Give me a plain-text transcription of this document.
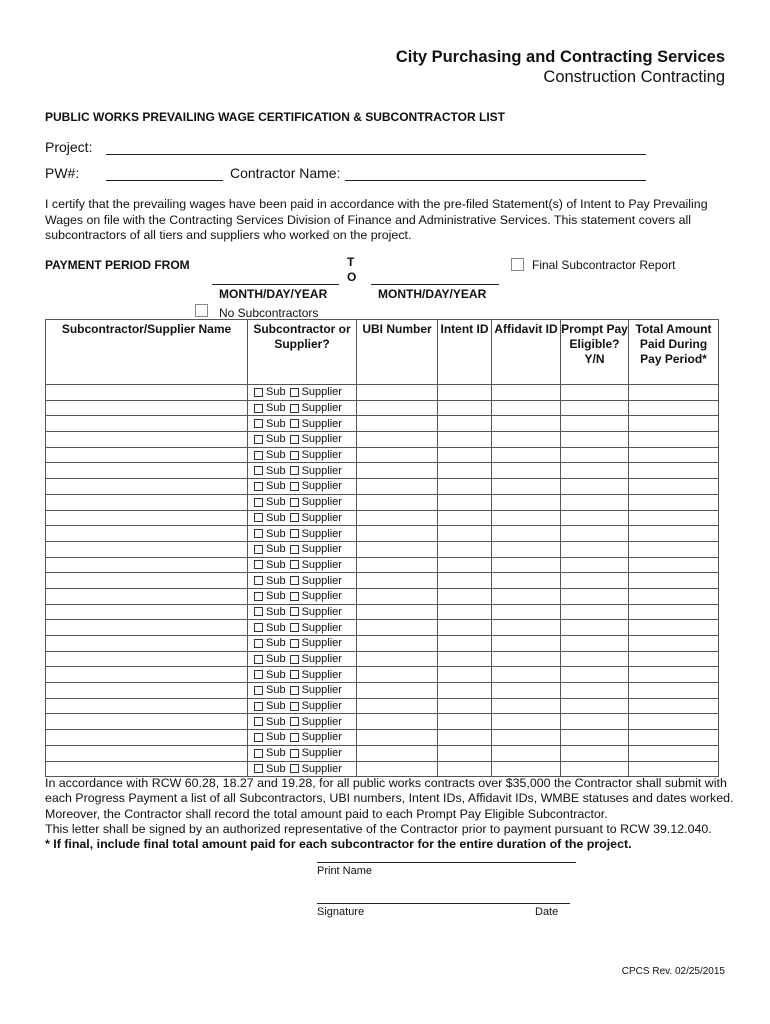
City Purchasing and Contracting Services
Construction Contracting
PUBLIC WORKS PREVAILING WAGE CERTIFICATION & SUBCONTRACTOR LIST
Project:
PW#:	Contractor Name:
I certify that the prevailing wages have been paid in accordance with the pre-filed Statement(s) of Intent to Pay Prevailing Wages on file with the Contracting Services Division of Finance and Administrative Services. This statement covers all subcontractors of all tiers and suppliers who worked on the project.
PAYMENT PERIOD FROM	T
O
MONTH/DAY/YEAR	MONTH/DAY/YEAR
Final Subcontractor Report
No Subcontractors
Subcontractor/Supplier Name	Subcontractor or Supplier?	UBI Number	Intent ID	Affidavit ID	Prompt Pay Eligible? Y/N	Total Amount Paid During Pay Period*

	Sub Supplier					

	Sub Supplier					

	Sub Supplier					

	Sub Supplier					

	Sub Supplier					

	Sub Supplier					

	Sub Supplier					

	Sub Supplier					

	Sub Supplier					

	Sub Supplier					

	Sub Supplier					

	Sub Supplier					

	Sub Supplier					

	Sub Supplier					

	Sub Supplier					

	Sub Supplier					

	Sub Supplier					

	Sub Supplier					

	Sub Supplier					

	Sub Supplier					

	Sub Supplier					

	Sub Supplier					

	Sub Supplier					

	Sub Supplier					

	Sub Supplier					

In accordance with RCW 60.28, 18.27 and 19.28, for all public works contracts over $35,000 the Contractor shall submit with each Progress Payment a list of all Subcontractors, UBI numbers, Intent IDs, Affidavit IDs, WMBE statuses and dates worked. Moreover, the Contractor shall record the total amount paid to each Prompt Pay Eligible Subcontractor.

This letter shall be signed by an authorized representative of the Contractor prior to payment pursuant to RCW 39.12.040.

* If final, include final total amount paid for each subcontractor for the entire duration of the project.

Print Name
Signature	Date
CPCS Rev. 02/25/2015
